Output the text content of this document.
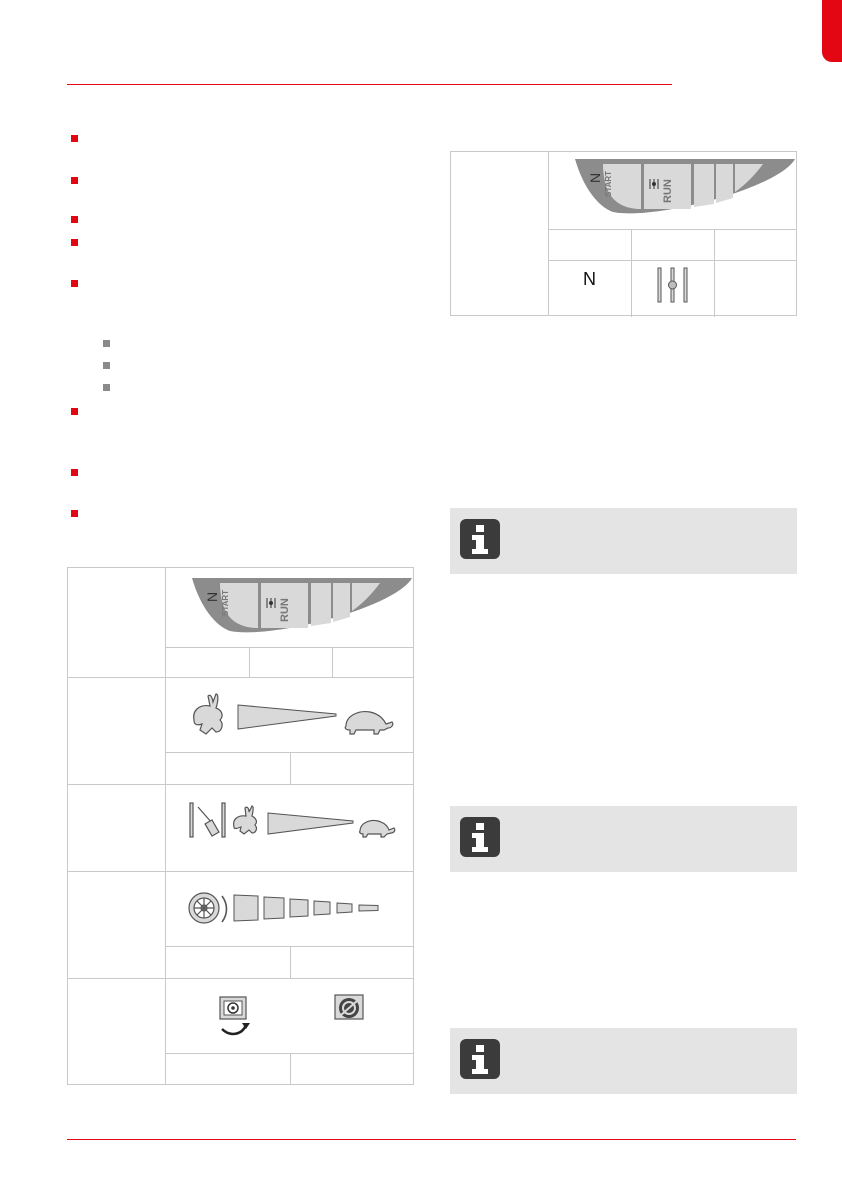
START
N
RUN
START
N
RUN
N
